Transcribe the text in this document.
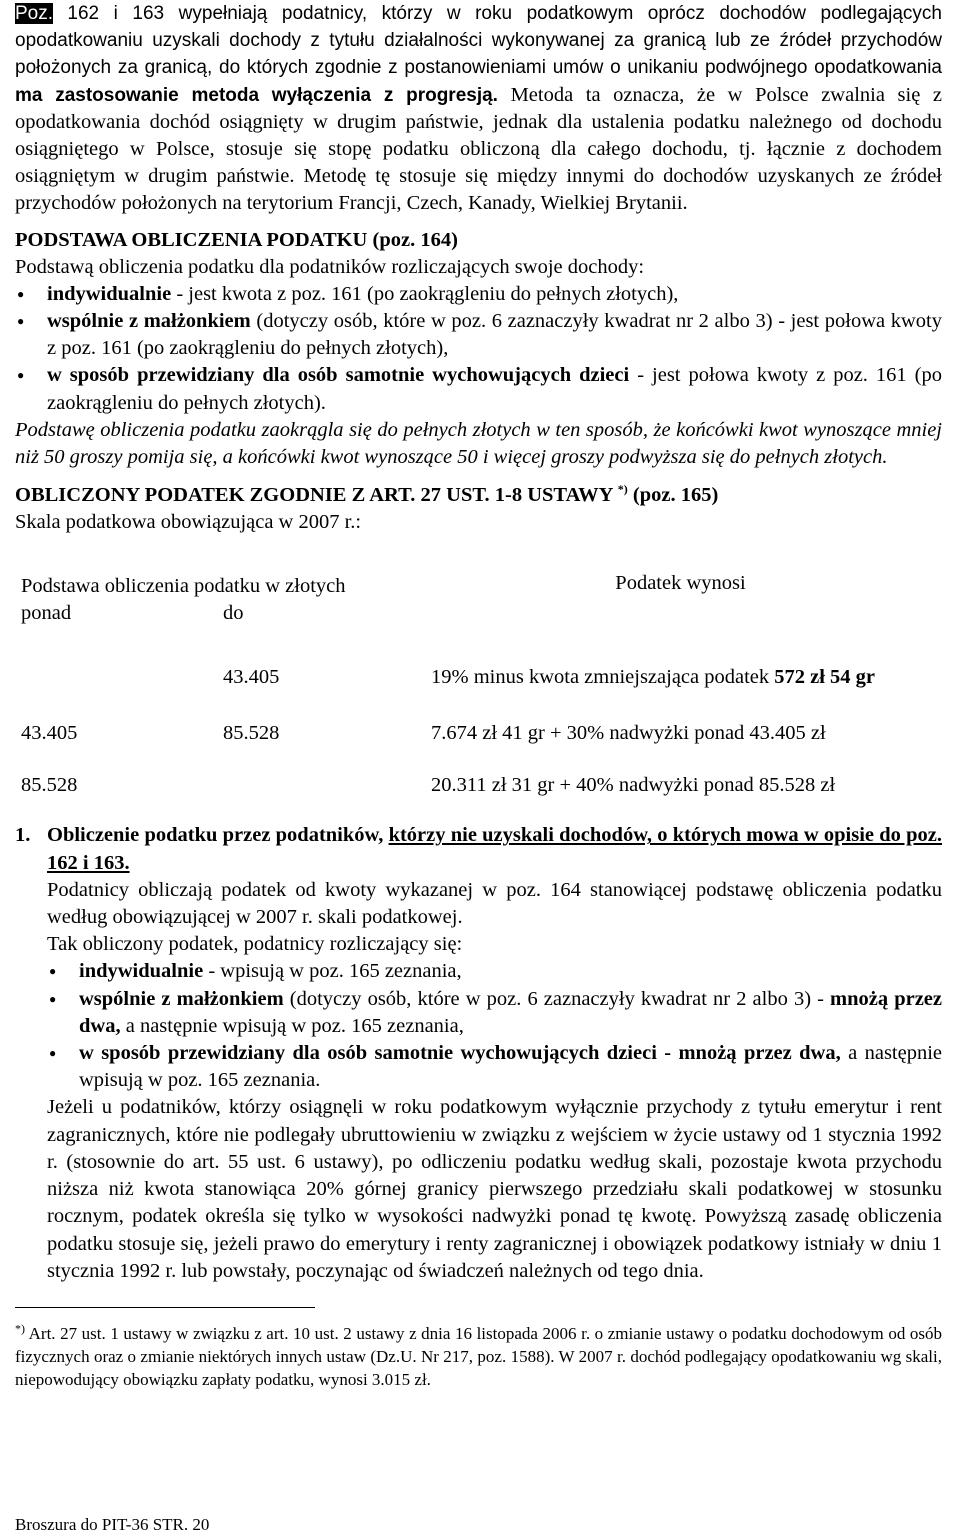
Poz. 162 i 163 wypełniają podatnicy, którzy w roku podatkowym oprócz dochodów podlegających opodatkowaniu uzyskali dochody z tytułu działalności wykonywanej za granicą lub ze źródeł przychodów położonych za granicą, do których zgodnie z postanowieniami umów o unikaniu podwójnego opodatkowania ma zastosowanie metoda wyłączenia z progresją. Metoda ta oznacza, że w Polsce zwalnia się z opodatkowania dochód osiągnięty w drugim państwie, jednak dla ustalenia podatku należnego od dochodu osiągniętego w Polsce, stosuje się stopę podatku obliczoną dla całego dochodu, tj. łącznie z dochodem osiągniętym w drugim państwie. Metodę tę stosuje się między innymi do dochodów uzyskanych ze źródeł przychodów położonych na terytorium Francji, Czech, Kanady, Wielkiej Brytanii.

PODSTAWA OBLICZENIA PODATKU (poz. 164)

Podstawą obliczenia podatku dla podatników rozliczających swoje dochody:

● indywidualnie - jest kwota z poz. 161 (po zaokrągleniu do pełnych złotych),
● wspólnie z małżonkiem (dotyczy osób, które w poz. 6 zaznaczyły kwadrat nr 2 albo 3) - jest połowa kwoty z poz. 161 (po zaokrągleniu do pełnych złotych),
● w sposób przewidziany dla osób samotnie wychowujących dzieci - jest połowa kwoty z poz. 161 (po zaokrągleniu do pełnych złotych).

Podstawę obliczenia podatku zaokrągla się do pełnych złotych w ten sposób, że końcówki kwot wynoszące mniej niż 50 groszy pomija się, a końcówki kwot wynoszące 50 i więcej groszy podwyższa się do pełnych złotych.

OBLICZONY PODATEK ZGODNIE Z ART. 27 UST. 1-8 USTAWY *) (poz. 165)

Skala podatkowa obowiązująca w 2007 r.:

Podstawa obliczenia podatku w złotych		Podatek wynosi
ponad	do	
	43.405	19% minus kwota zmniejszająca podatek 572 zł 54 gr
43.405	85.528	7.674 zł 41 gr + 30% nadwyżki ponad 43.405 zł
85.528		20.311 zł 31 gr + 40% nadwyżki ponad 85.528 zł

1. Obliczenie podatku przez podatników, którzy nie uzyskali dochodów, o których mowa w opisie do poz. 162 i 163.

Podatnicy obliczają podatek od kwoty wykazanej w poz. 164 stanowiącej podstawę obliczenia podatku według obowiązującej w 2007 r. skali podatkowej.

Tak obliczony podatek, podatnicy rozliczający się:

● indywidualnie - wpisują w poz. 165 zeznania,
● wspólnie z małżonkiem (dotyczy osób, które w poz. 6 zaznaczyły kwadrat nr 2 albo 3) - mnożą przez dwa, a następnie wpisują w poz. 165 zeznania,
● w sposób przewidziany dla osób samotnie wychowujących dzieci - mnożą przez dwa, a następnie wpisują w poz. 165 zeznania.

Jeżeli u podatników, którzy osiągnęli w roku podatkowym wyłącznie przychody z tytułu emerytur i rent zagranicznych, które nie podlegały ubruttowieniu w związku z wejściem w życie ustawy od 1 stycznia 1992 r. (stosownie do art. 55 ust. 6 ustawy), po odliczeniu podatku według skali, pozostaje kwota przychodu niższa niż kwota stanowiąca 20% górnej granicy pierwszego przedziału skali podatkowej w stosunku rocznym, podatek określa się tylko w wysokości nadwyżki ponad tę kwotę. Powyższą zasadę obliczenia podatku stosuje się, jeżeli prawo do emerytury i renty zagranicznej i obowiązek podatkowy istniały w dniu 1 stycznia 1992 r. lub powstały, poczynając od świadczeń należnych od tego dnia.

*) Art. 27 ust. 1 ustawy w związku z art. 10 ust. 2 ustawy z dnia 16 listopada 2006 r. o zmianie ustawy o podatku dochodowym od osób fizycznych oraz o zmianie niektórych innych ustaw (Dz.U. Nr 217, poz. 1588). W 2007 r. dochód podlegający opodatkowaniu wg skali, niepowodujący obowiązku zapłaty podatku, wynosi 3.015 zł.

Broszura do PIT-36 STR. 20
